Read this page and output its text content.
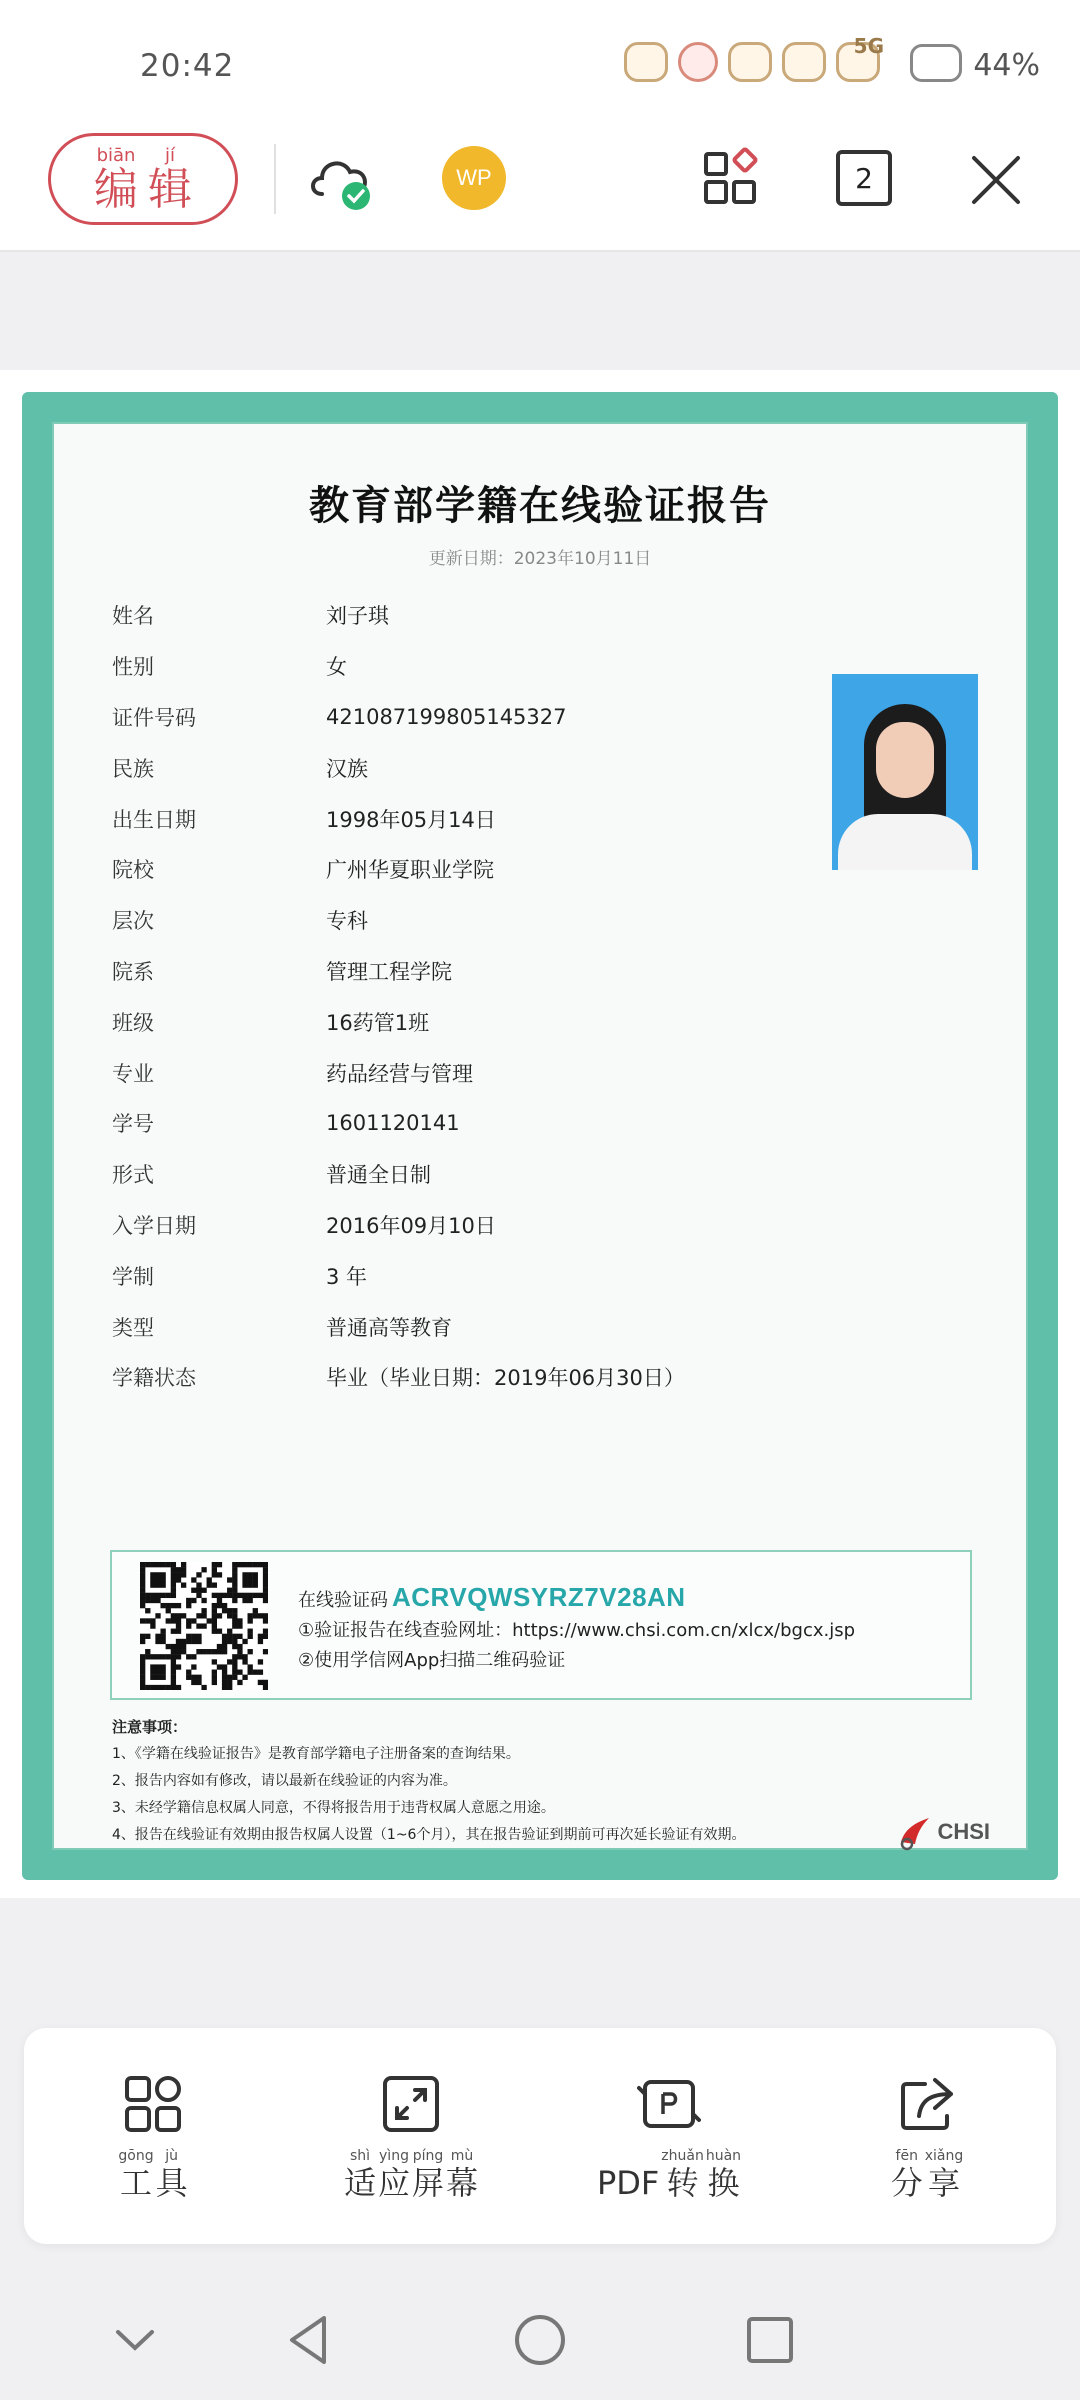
20:42
5G
44%
biān
编
jí
辑	WP	2
教育部学籍在线验证报告
更新日期：2023年10月11日
姓名	刘子琪
性别	女
证件号码	421087199805145327
民族	汉族
出生日期	1998年05月14日
院校	广州华夏职业学院
层次	专科
院系	管理工程学院
班级	16药管1班
专业	药品经营与管理
学号	1601120141
形式	普通全日制
入学日期	2016年09月10日
学制	3 年
类型	普通高等教育
学籍状态	毕业（毕业日期：2019年06月30日）
在线验证码 ACRVQWSYRZ7V28AN
①验证报告在线查验网址：https://www.chsi.com.cn/xlcx/bgcx.jsp
②使用学信网App扫描二维码验证
注意事项：
1、《学籍在线验证报告》是教育部学籍电子注册备案的查询结果。
2、报告内容如有修改，请以最新在线验证的内容为准。
3、未经学籍信息权属人同意，不得将报告用于违背权属人意愿之用途。
4、报告在线验证有效期由报告权属人设置（1~6个月），其在报告验证到期前可再次延长验证有效期。	CHSI
gōng
工
jù
具
shì
适
yìng
应
píng
屏
mù
幕	PDF
zhuǎn
转
huàn
换
fēn
分
xiǎng
享
